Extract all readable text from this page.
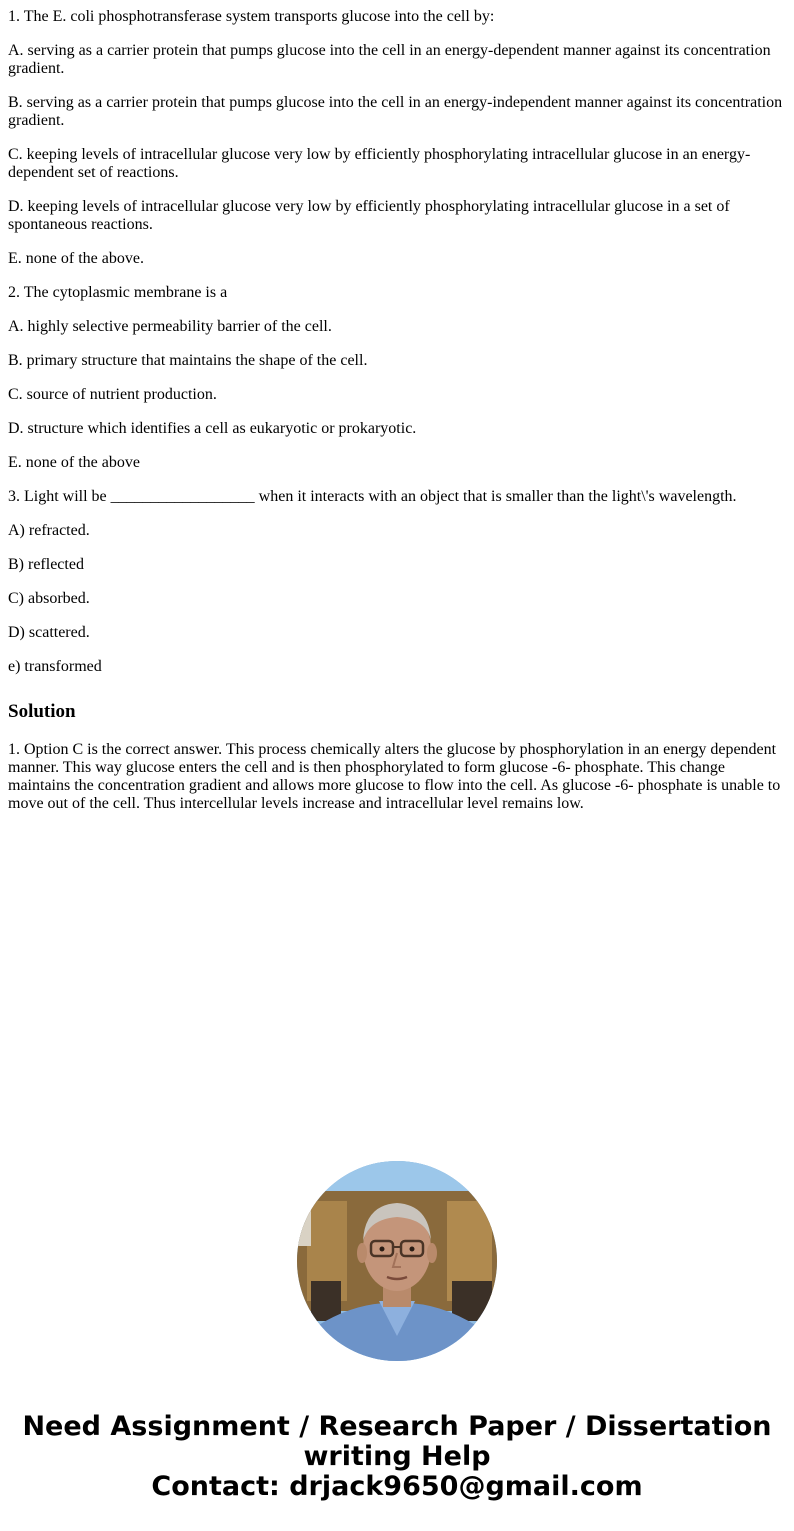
1. The E. coli phosphotransferase system transports glucose into the cell by:

A. serving as a carrier protein that pumps glucose into the cell in an energy-dependent manner against its concentration gradient.

B. serving as a carrier protein that pumps glucose into the cell in an energy-independent manner against its concentration gradient.

C. keeping levels of intracellular glucose very low by efficiently phosphorylating intracellular glucose in an energy-dependent set of reactions.

D. keeping levels of intracellular glucose very low by efficiently phosphorylating intracellular glucose in a set of spontaneous reactions.

E. none of the above.

2. The cytoplasmic membrane is a

A. highly selective permeability barrier of the cell.

B. primary structure that maintains the shape of the cell.

C. source of nutrient production.

D. structure which identifies a cell as eukaryotic or prokaryotic.

E. none of the above

3. Light will be __________________ when it interacts with an object that is smaller than the light\'s wavelength.

A) refracted.

B) reflected

C) absorbed.

D) scattered.

e) transformed

Solution

1. Option C is the correct answer. This process chemically alters the glucose by phosphorylation in an energy dependent manner. This way glucose enters the cell and is then phosphorylated to form glucose -6- phosphate. This change maintains the concentration gradient and allows more glucose to flow into the cell. As glucose -6- phosphate is unable to move out of the cell. Thus intercellular levels increase and intracellular level remains low.

Need Assignment / Research Paper / Dissertation
writing Help
Contact: drjack9650@gmail.com
